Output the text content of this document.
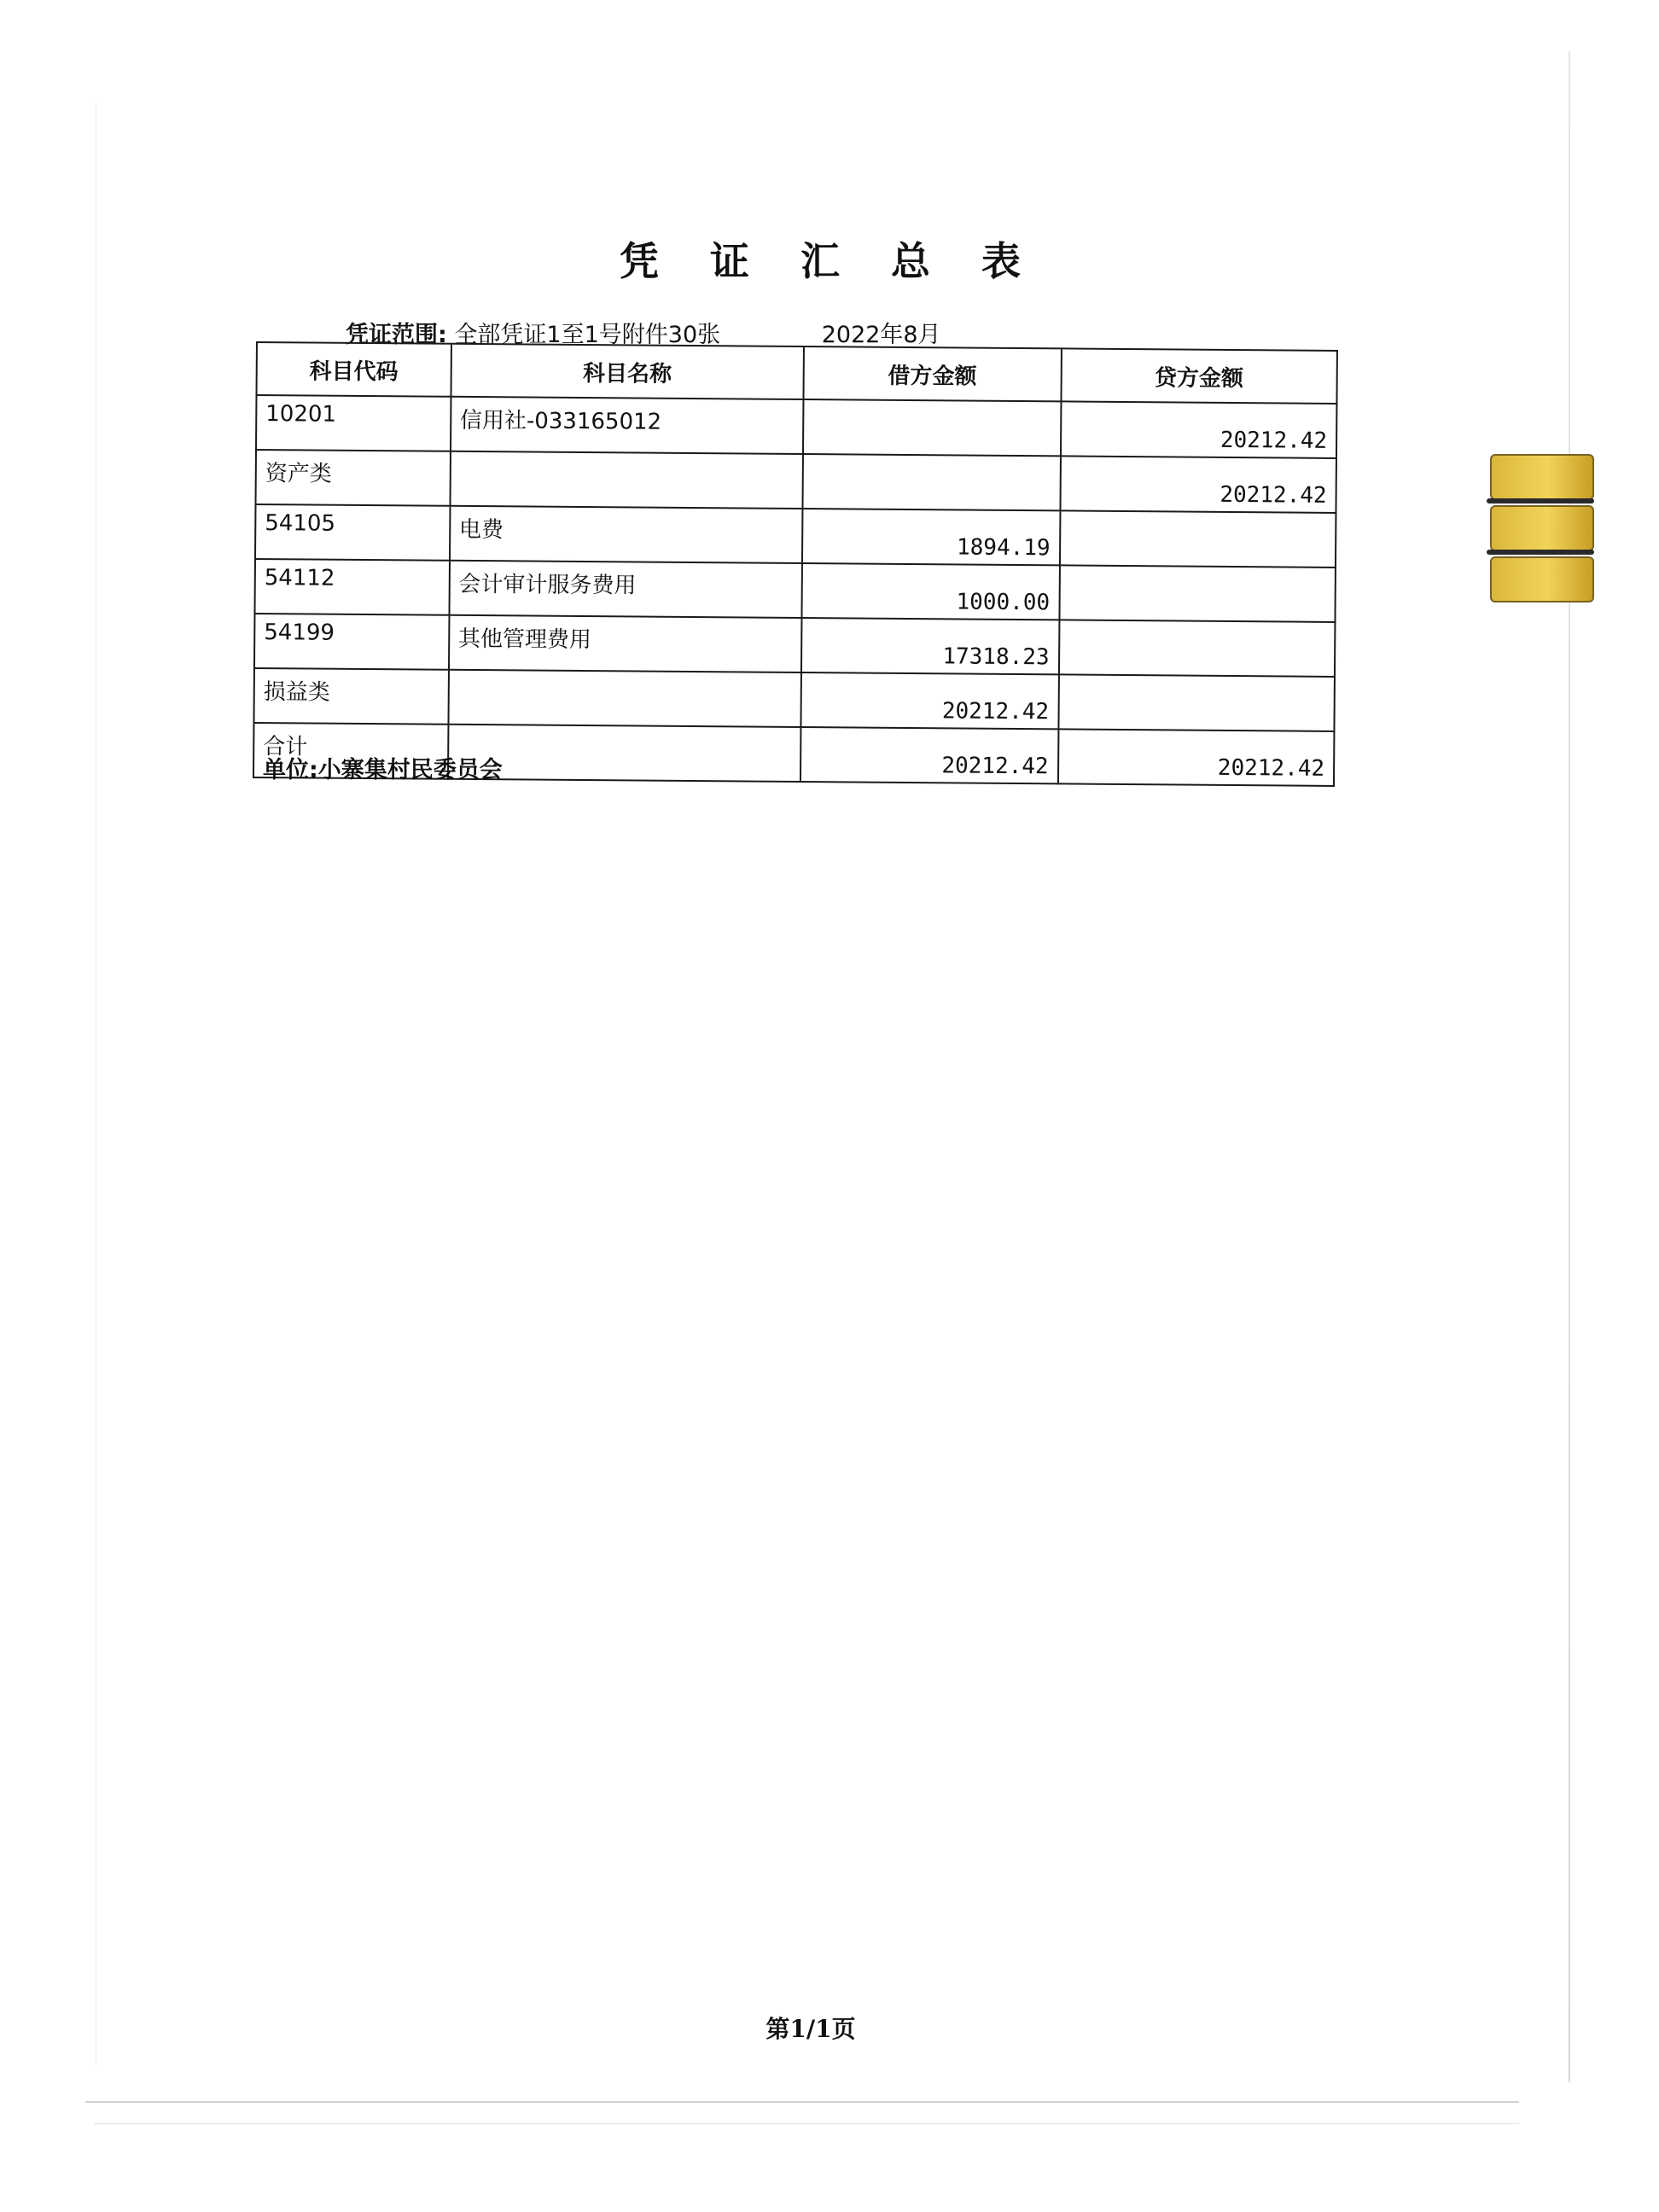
凭 证 汇 总 表
凭证范围: 全部凭证1至1号附件30张	2022年8月
科目代码	科目名称	借方金额	贷方金额
10201	信用社-033165012		20212.42
资产类			20212.42
54105	电费	1894.19	
54112	会计审计服务费用	1000.00	
54199	其他管理费用	17318.23	
损益类		20212.42	
合计		20212.42	20212.42
单位:小寨集村民委员会
第1/1页
